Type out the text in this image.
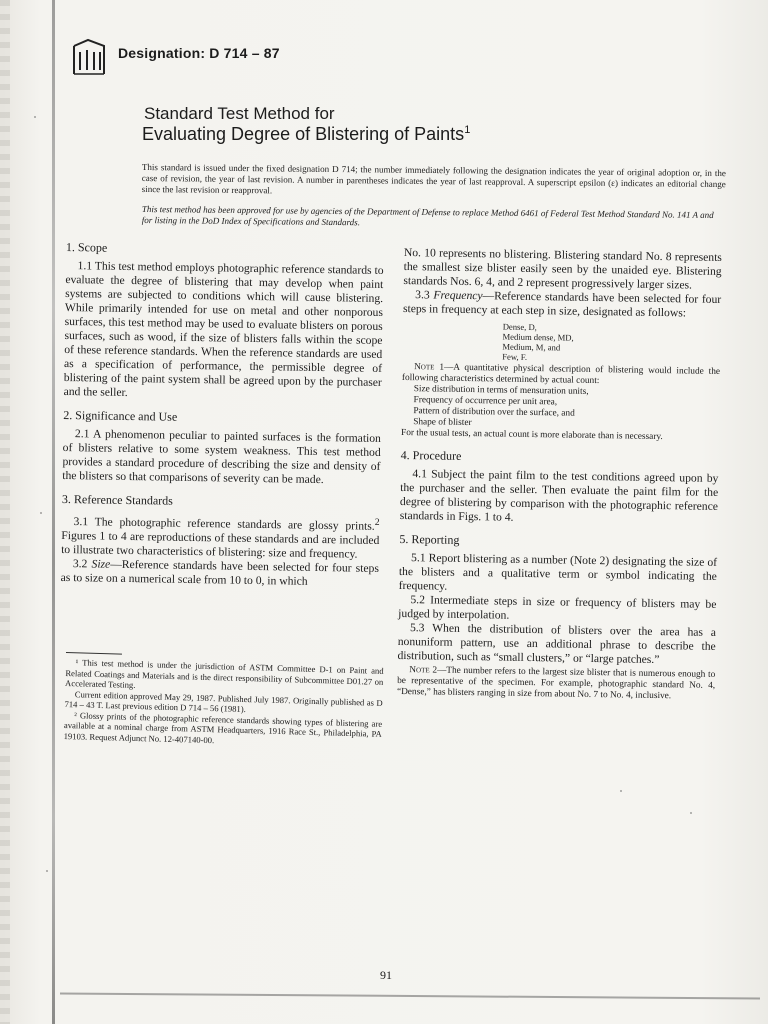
Designation: D 714 – 87
Standard Test Method for
Evaluating Degree of Blistering of Paints$^1$
This standard is issued under the fixed designation D 714; the number immediately following the designation indicates the year of original adoption or, in the case of revision, the year of last revision. A number in parentheses indicates the year of last reapproval. A superscript epsilon (ε) indicates an editorial change since the last revision or reapproval.
This test method has been approved for use by agencies of the Department of Defense to replace Method 6461 of Federal Test Method Standard No. 141 A and for listing in the DoD Index of Specifications and Standards.
1. Scope

1.1 This test method employs photographic reference standards to evaluate the degree of blistering that may develop when paint systems are subjected to conditions which will cause blistering. While primarily intended for use on metal and other nonporous surfaces, this test method may be used to evaluate blisters on porous surfaces, such as wood, if the size of blisters falls within the scope of these reference standards. When the reference standards are used as a specification of performance, the permissible degree of blistering of the paint system shall be agreed upon by the purchaser and the seller.

2. Significance and Use

2.1 A phenomenon peculiar to painted surfaces is the formation of blisters relative to some system weakness. This test method provides a standard procedure of describing the size and density of the blisters so that comparisons of severity can be made.

3. Reference Standards

3.1 The photographic reference standards are glossy prints.$^2$ Figures 1 to 4 are reproductions of these standards and are included to illustrate two characteristics of blistering: size and frequency.

3.2 Size—Reference standards have been selected for four steps as to size on a numerical scale from 10 to 0, in which

¹ This test method is under the jurisdiction of ASTM Committee D-1 on Paint and Related Coatings and Materials and is the direct responsibility of Subcommittee D01.27 on Accelerated Testing.

Current edition approved May 29, 1987. Published July 1987. Originally published as D 714 – 43 T. Last previous edition D 714 – 56 (1981).

² Glossy prints of the photographic reference standards showing types of blistering are available at a nominal charge from ASTM Headquarters, 1916 Race St., Philadelphia, PA 19103. Request Adjunct No. 12-407140-00.

No. 10 represents no blistering. Blistering standard No. 8 represents the smallest size blister easily seen by the unaided eye. Blistering standards Nos. 6, 4, and 2 represent progressively larger sizes.

3.3 Frequency—Reference standards have been selected for four steps in frequency at each step in size, designated as follows:

Dense, D,
Medium dense, MD,
Medium, M, and
Few, F.
Note 1—A quantitative physical description of blistering would include the following characteristics determined by actual count:
Size distribution in terms of mensuration units,
Frequency of occurrence per unit area,
Pattern of distribution over the surface, and
Shape of blister
For the usual tests, an actual count is more elaborate than is necessary.
4. Procedure

4.1 Subject the paint film to the test conditions agreed upon by the purchaser and the seller. Then evaluate the paint film for the degree of blistering by comparison with the photographic reference standards in Figs. 1 to 4.

5. Reporting

5.1 Report blistering as a number (Note 2) designating the size of the blisters and a qualitative term or symbol indicating the frequency.

5.2 Intermediate steps in size or frequency of blisters may be judged by interpolation.

5.3 When the distribution of blisters over the area has a nonuniform pattern, use an additional phrase to describe the distribution, such as “small clusters,” or “large patches.”

Note 2—The number refers to the largest size blister that is numerous enough to be representative of the specimen. For example, photographic standard No. 4, “Dense,” has blisters ranging in size from about No. 7 to No. 4, inclusive.
91
